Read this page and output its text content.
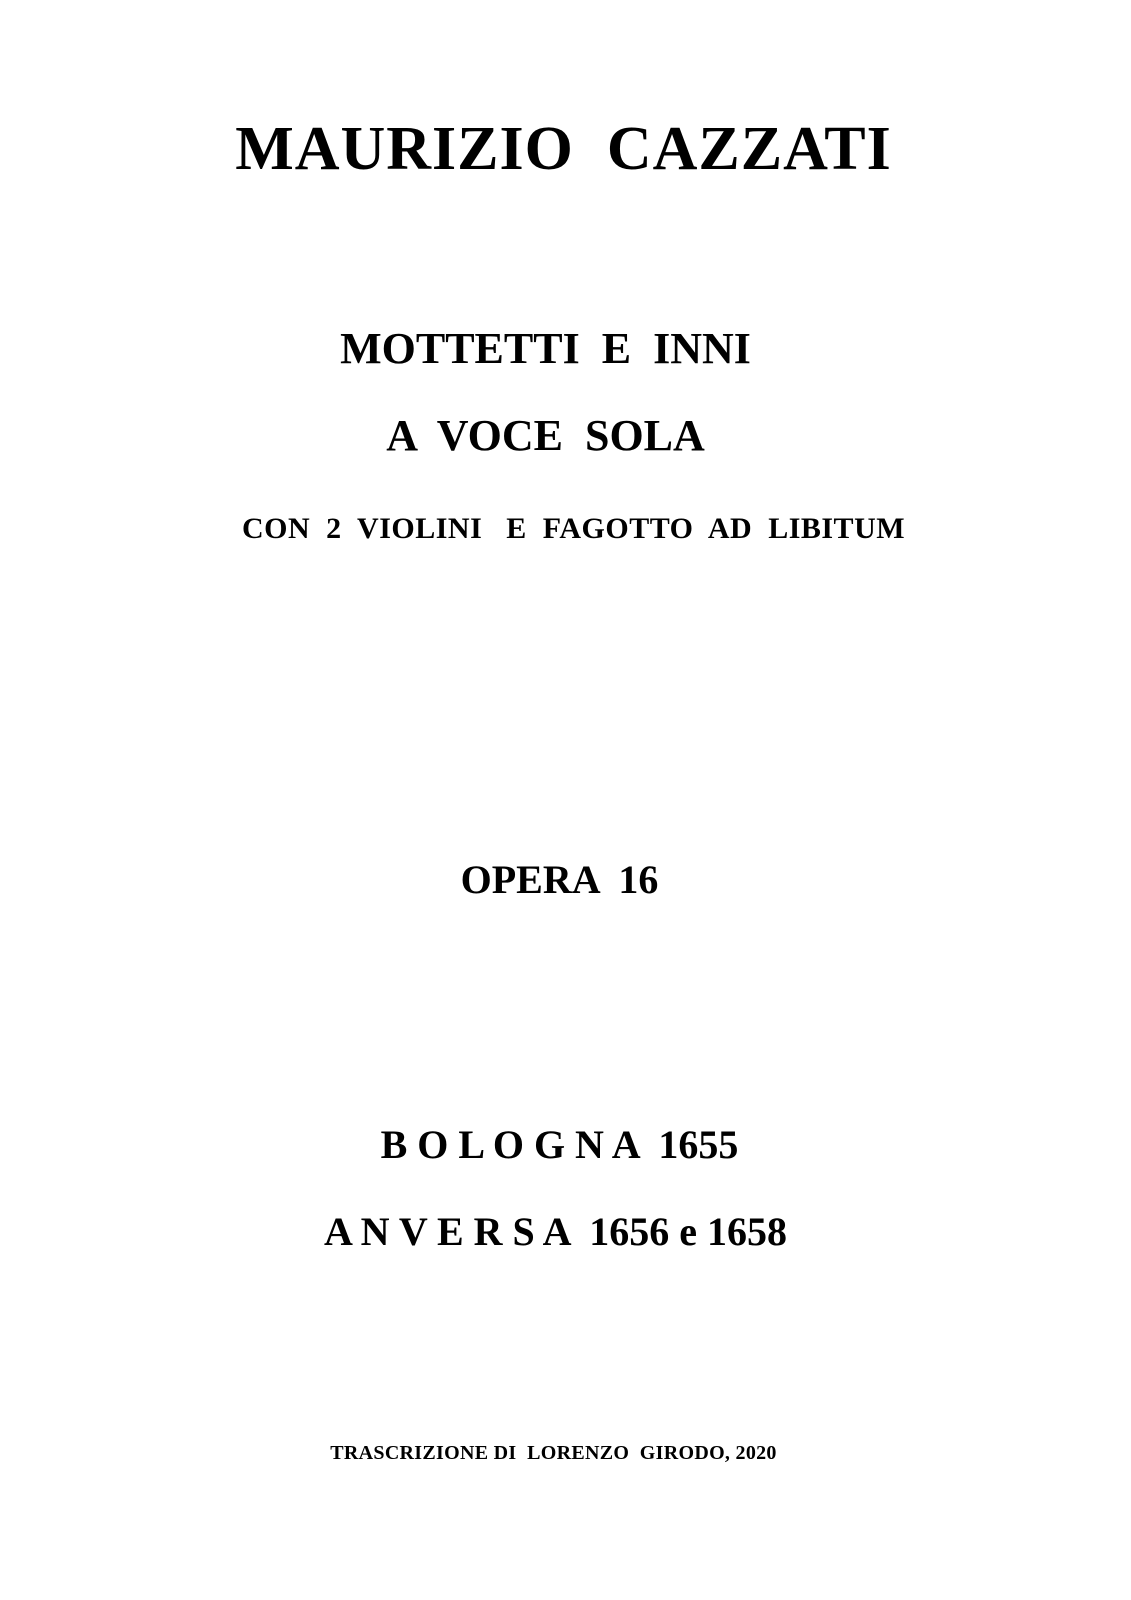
MAURIZIO  CAZZATI
MOTTETTI  E  INNI
A  VOCE  SOLA
CON  2  VIOLINI   E  FAGOTTO  AD  LIBITUM
OPERA  16
B O L O G N A  1655
A N V E R S A  1656 e 1658
TRASCRIZIONE DI  LORENZO  GIRODO, 2020
